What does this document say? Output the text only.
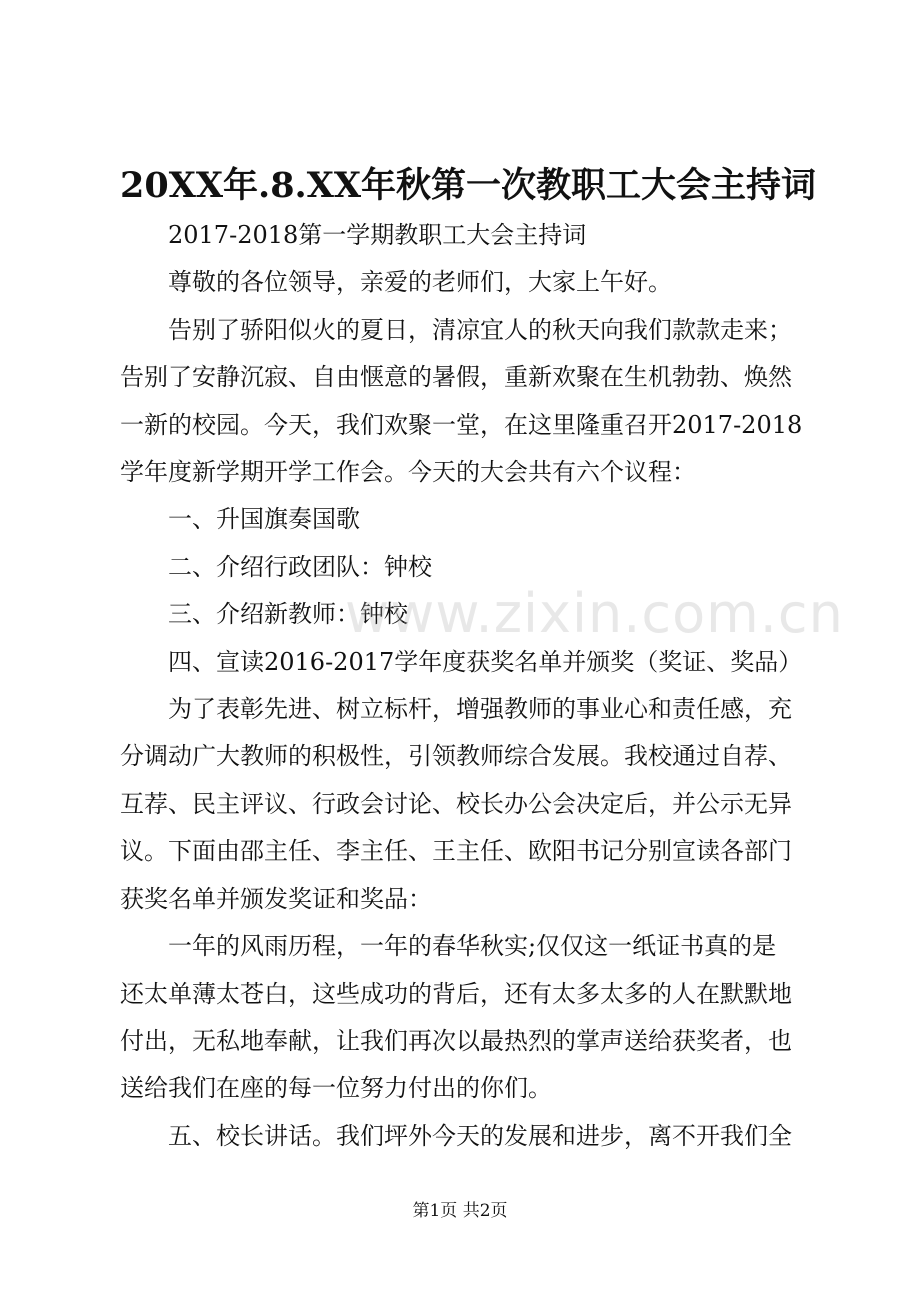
20XX年.8.XX年秋第一次教职工大会主持词

2017-2018第一学期教职工大会主持词

尊敬的各位领导，亲爱的老师们，大家上午好。

告别了骄阳似火的夏日，清凉宜人的秋天向我们款款走来；
告别了安静沉寂、自由惬意的暑假，重新欢聚在生机勃勃、焕然
一新的校园。今天，我们欢聚一堂，在这里隆重召开2017-2018
学年度新学期开学工作会。今天的大会共有六个议程：

一、升国旗奏国歌

二、介绍行政团队：钟校

三、介绍新教师：钟校

四、宣读2016-2017学年度获奖名单并颁奖（奖证、奖品）

为了表彰先进、树立标杆，增强教师的事业心和责任感，充
分调动广大教师的积极性，引领教师综合发展。我校通过自荐、
互荐、民主评议、行政会讨论、校长办公会决定后，并公示无异
议。下面由邵主任、李主任、王主任、欧阳书记分别宣读各部门
获奖名单并颁发奖证和奖品：

一年的风雨历程，一年的春华秋实;仅仅这一纸证书真的是
还太单薄太苍白，这些成功的背后，还有太多太多的人在默默地
付出，无私地奉献，让我们再次以最热烈的掌声送给获奖者，也
送给我们在座的每一位努力付出的你们。

五、校长讲话。我们坪外今天的发展和进步，离不开我们全

www.zixin.com.cn
第1页 共2页
